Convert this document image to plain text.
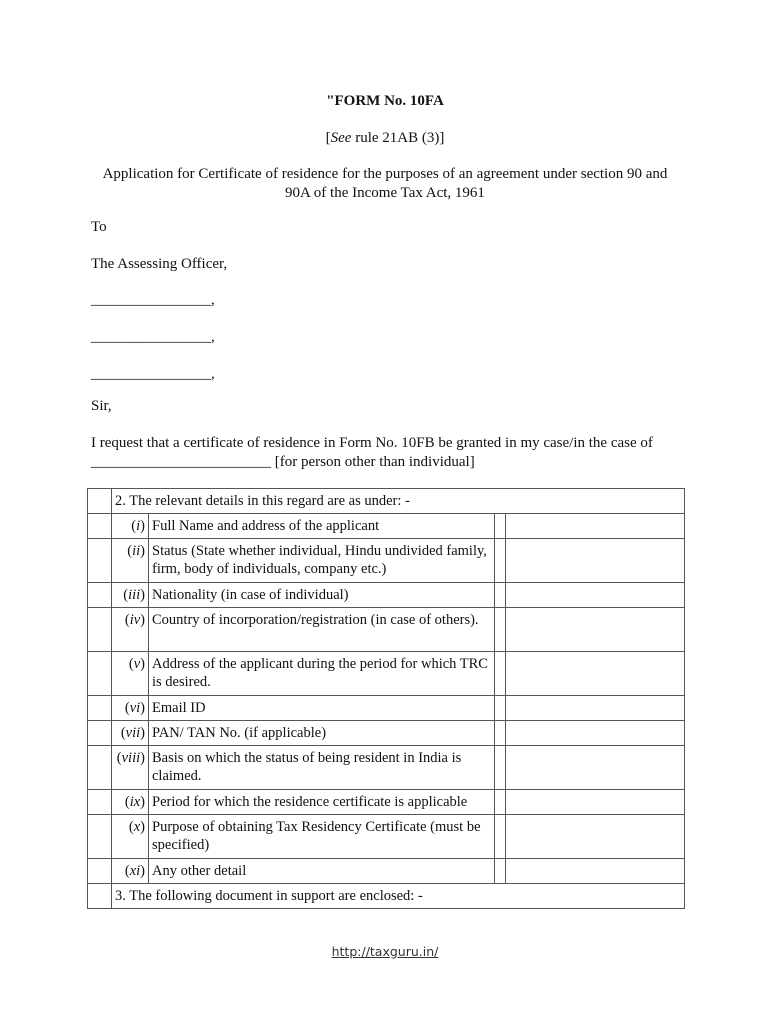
"FORM No. 10FA
[See rule 21AB (3)]
Application for Certificate of residence for the purposes of an agreement under section 90 and 90A of the Income Tax Act, 1961
To
The Assessing Officer,
________________,
________________,
________________,
Sir,
I request that a certificate of residence in Form No. 10FB be granted in my case/in the case of
________________________ [for person other than individual]
	2. The relevant details in this regard are as under: -			
	(i)	Full Name and address of the applicant		
	(ii)	Status (State whether individual, Hindu undivided family, firm, body of individuals, company etc.)		
	(iii)	Nationality (in case of individual)		
	(iv)	Country of incorporation/registration (in case of others).		
	(v)	Address of the applicant during the period for which TRC is desired.		
	(vi)	Email ID		
	(vii)	PAN/ TAN No. (if applicable)		
	(viii)	Basis on which the status of being resident in India is claimed.		
	(ix)	Period for which the residence certificate is applicable		
	(x)	Purpose of obtaining Tax Residency Certificate (must be specified)		
	(xi)	Any other detail		
	3. The following document in support are enclosed: -			
http://taxguru.in/
